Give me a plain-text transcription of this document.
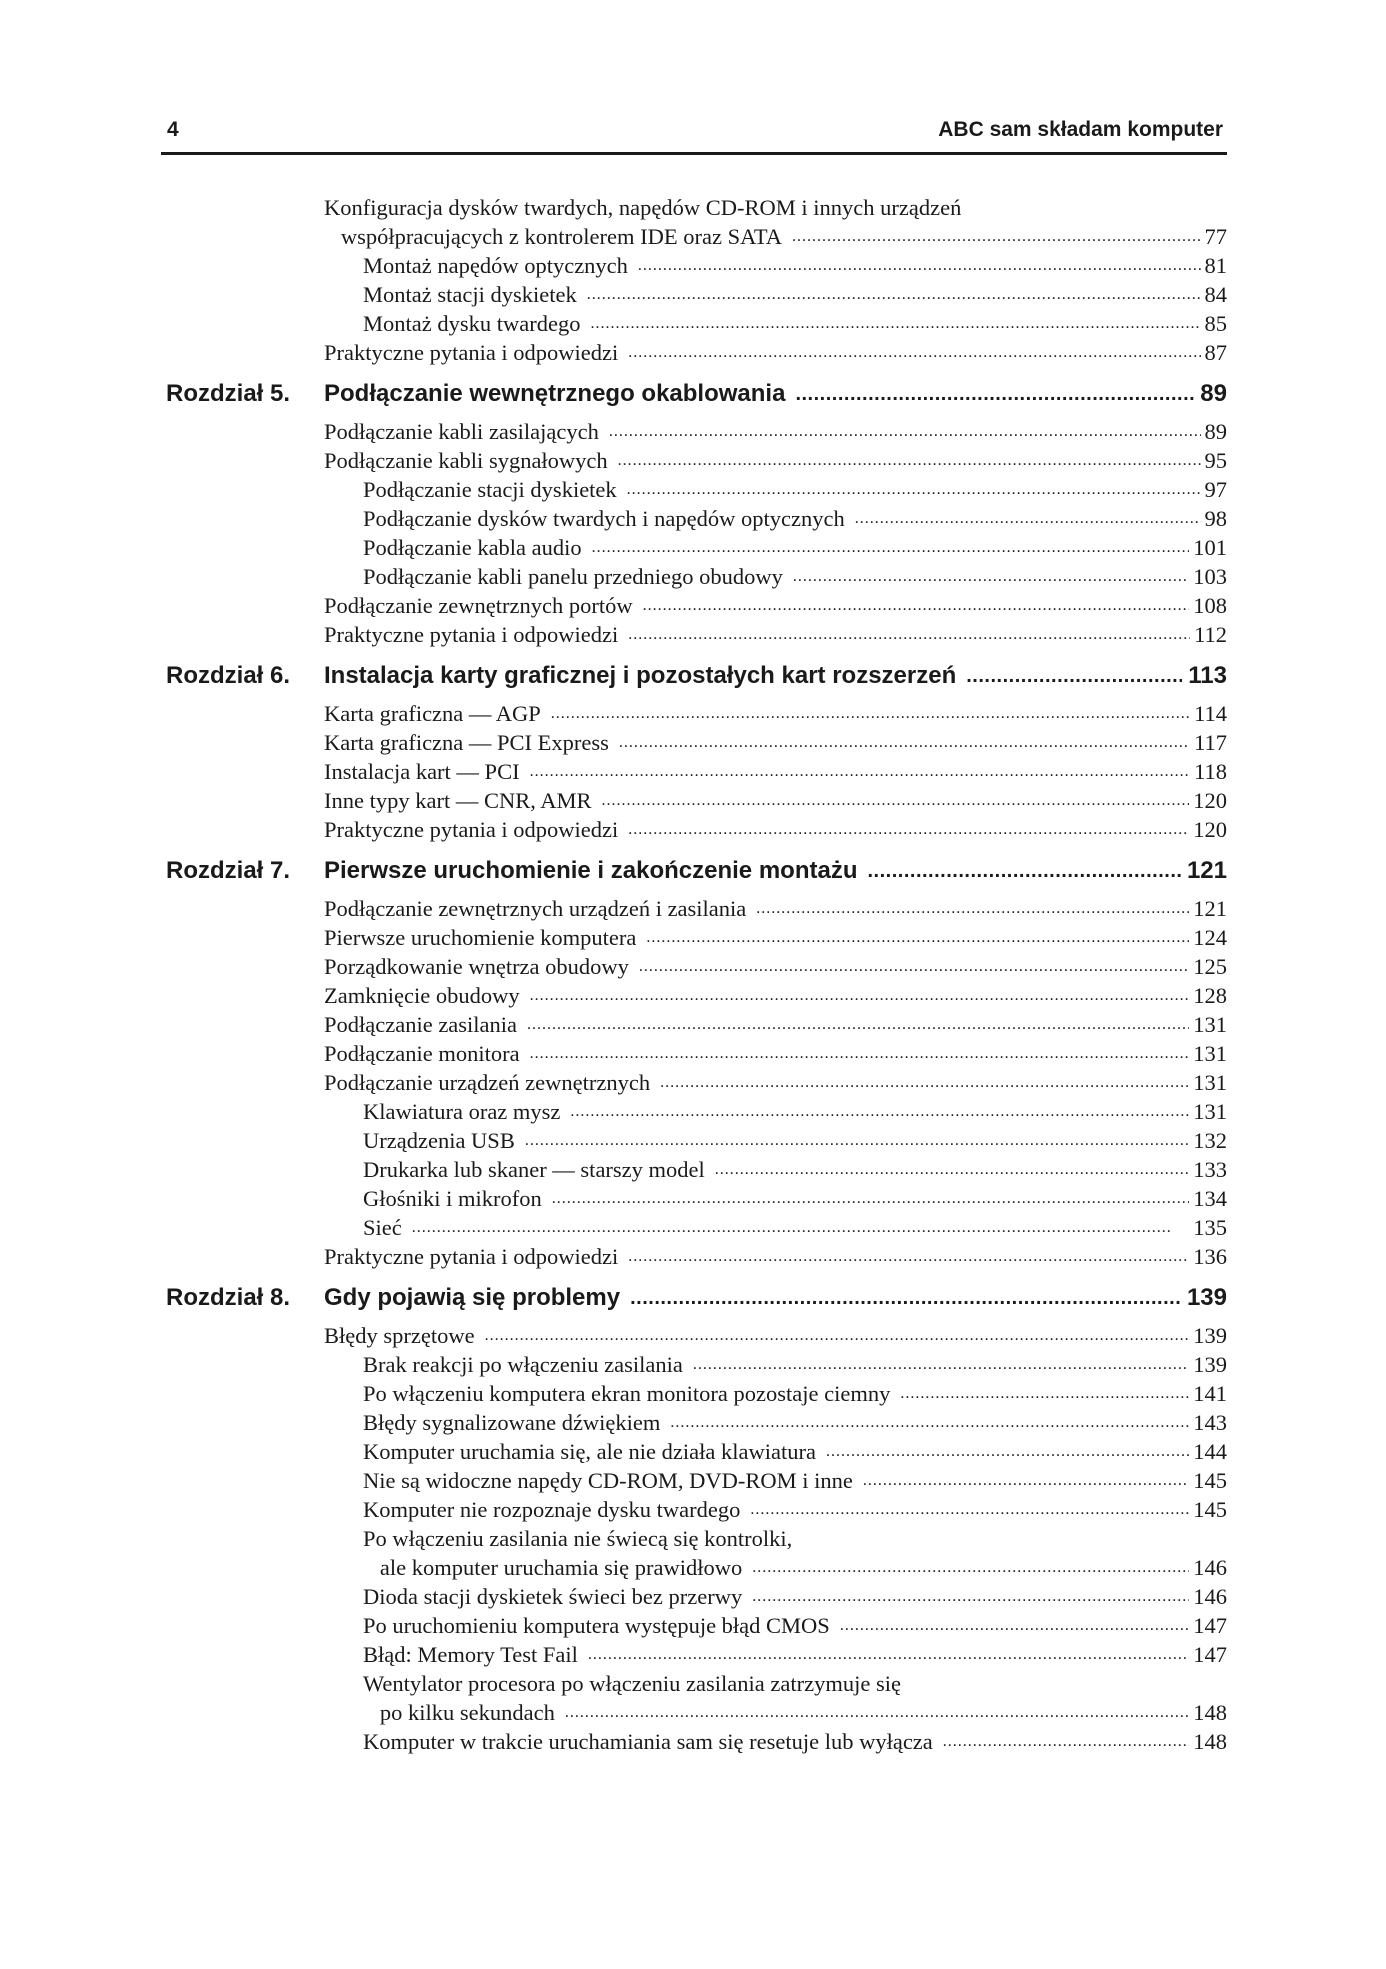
4	ABC sam składam komputer
Konfiguracja dysków twardych, napędów CD-ROM i innych urządzeń
współpracujących z kontrolerem IDE oraz SATA . . .	77
Montaż napędów optycznych . . .	81
Montaż stacji dyskietek . . .	84
Montaż dysku twardego . . .	85
Praktyczne pytania i odpowiedzi . . .	87
Rozdział 5. Podłączanie wewnętrznego okablowania .....	89
Podłączanie kabli zasilających . . .	89
Podłączanie kabli sygnałowych . . .	95
Podłączanie stacji dyskietek . . .	97
Podłączanie dysków twardych i napędów optycznych . . .	98
Podłączanie kabla audio . . .	101
Podłączanie kabli panelu przedniego obudowy . . .	103
Podłączanie zewnętrznych portów . . .	108
Praktyczne pytania i odpowiedzi . . .	112
Rozdział 6. Instalacja karty graficznej i pozostałych kart rozszerzeń .....	113
Karta graficzna — AGP . . .	114
Karta graficzna — PCI Express . . .	117
Instalacja kart — PCI . . .	118
Inne typy kart — CNR, AMR . . .	120
Praktyczne pytania i odpowiedzi . . .	120
Rozdział 7. Pierwsze uruchomienie i zakończenie montażu .....	121
Podłączanie zewnętrznych urządzeń i zasilania . . .	121
Pierwsze uruchomienie komputera . . .	124
Porządkowanie wnętrza obudowy . . .	125
Zamknięcie obudowy . . .	128
Podłączanie zasilania . . .	131
Podłączanie monitora . . .	131
Podłączanie urządzeń zewnętrznych . . .	131
Klawiatura oraz mysz . . .	131
Urządzenia USB . . .	132
Drukarka lub skaner — starszy model . . .	133
Głośniki i mikrofon . . .	134
Sieć . . .	135
Praktyczne pytania i odpowiedzi . . .	136
Rozdział 8. Gdy pojawią się problemy .....	139
Błędy sprzętowe . . .	139
Brak reakcji po włączeniu zasilania . . .	139
Po włączeniu komputera ekran monitora pozostaje ciemny . . .	141
Błędy sygnalizowane dźwiękiem . . .	143
Komputer uruchamia się, ale nie działa klawiatura . . .	144
Nie są widoczne napędy CD-ROM, DVD-ROM i inne . . .	145
Komputer nie rozpoznaje dysku twardego . . .	145
Po włączeniu zasilania nie świecą się kontrolki,
ale komputer uruchamia się prawidłowo . . .	146
Dioda stacji dyskietek świeci bez przerwy . . .	146
Po uruchomieniu komputera występuje błąd CMOS . . .	147
Błąd: Memory Test Fail . . .	147
Wentylator procesora po włączeniu zasilania zatrzymuje się
po kilku sekundach . . .	148
Komputer w trakcie uruchamiania sam się resetuje lub wyłącza . . .	148
